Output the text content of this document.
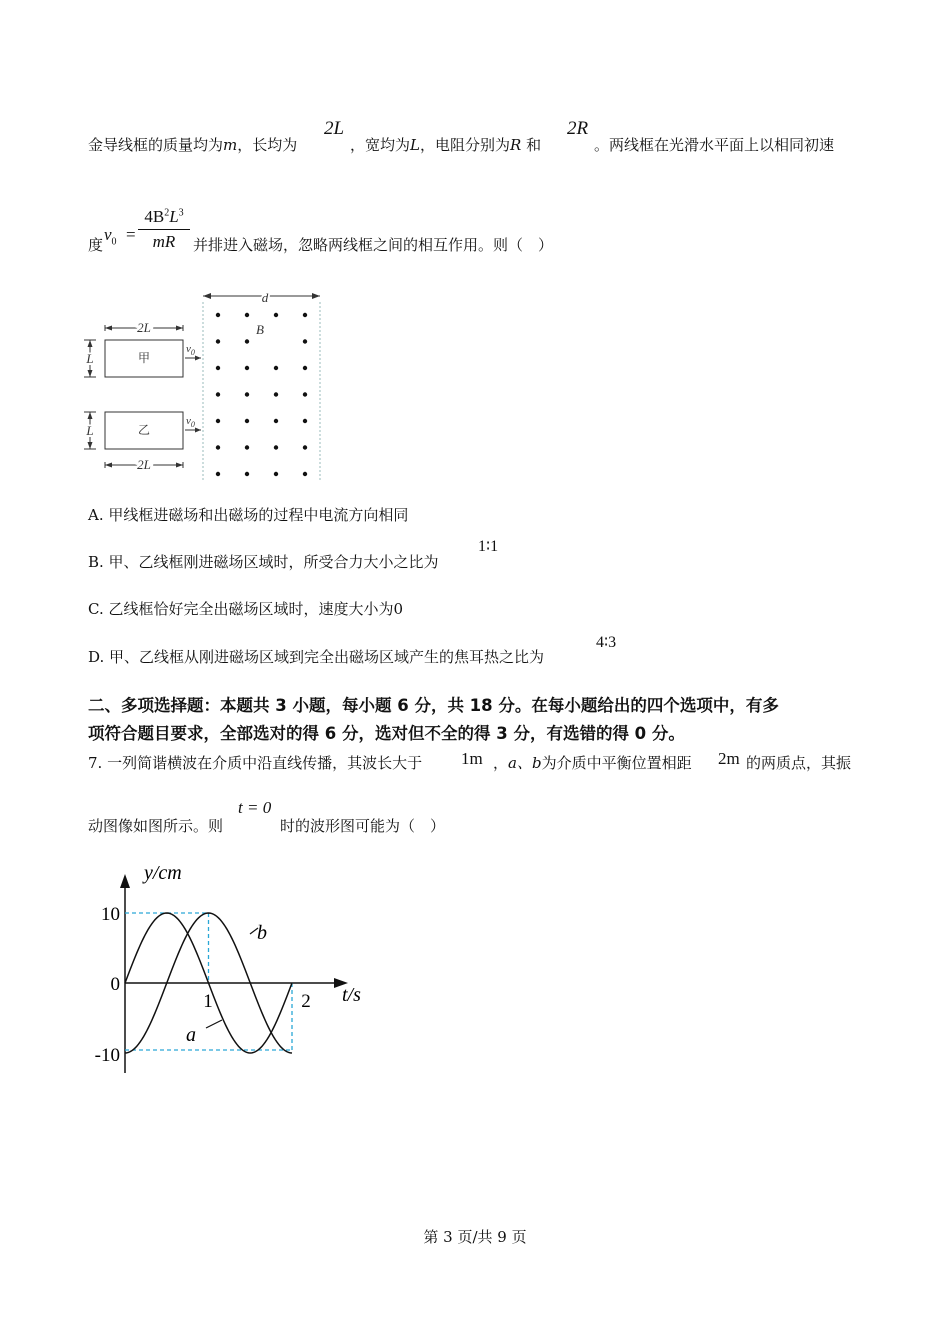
金导线框的质量均为m，长均为
2L
，宽均为L，电阻分别为R 和
2R
。两线框在光滑水平面上以相同初速
度
$v_0$ =
$4B^2L^3$
mR	并排进入磁场，忽略两线框之间的相互作用。则（　）
d
B
2L
甲
$v_0$
L
乙
$v_0$
L
2L
A. 甲线框进磁场和出磁场的过程中电流方向相同
B. 甲、乙线框刚进磁场区域时，所受合力大小之比为
1∶1
C. 乙线框恰好完全出磁场区域时，速度大小为0
D. 甲、乙线框从刚进磁场区域到完全出磁场区域产生的焦耳热之比为
4∶3
二、多项选择题：本题共 3 小题，每小题 6 分，共 18 分。在每小题给出的四个选项中，有多
项符合题目要求，全部选对的得 6 分，选对但不全的得 3 分，有选错的得 0 分。
7. 一列简谐横波在介质中沿直线传播，其波长大于 1m ，a、b为介质中平衡位置相距 2m 的两质点，其振
动图像如图所示。则
t = 0
时的波形图可能为（　）
y/cm
t/s
10
0
-10
1	2
b
a
第 3 页/共 9 页
